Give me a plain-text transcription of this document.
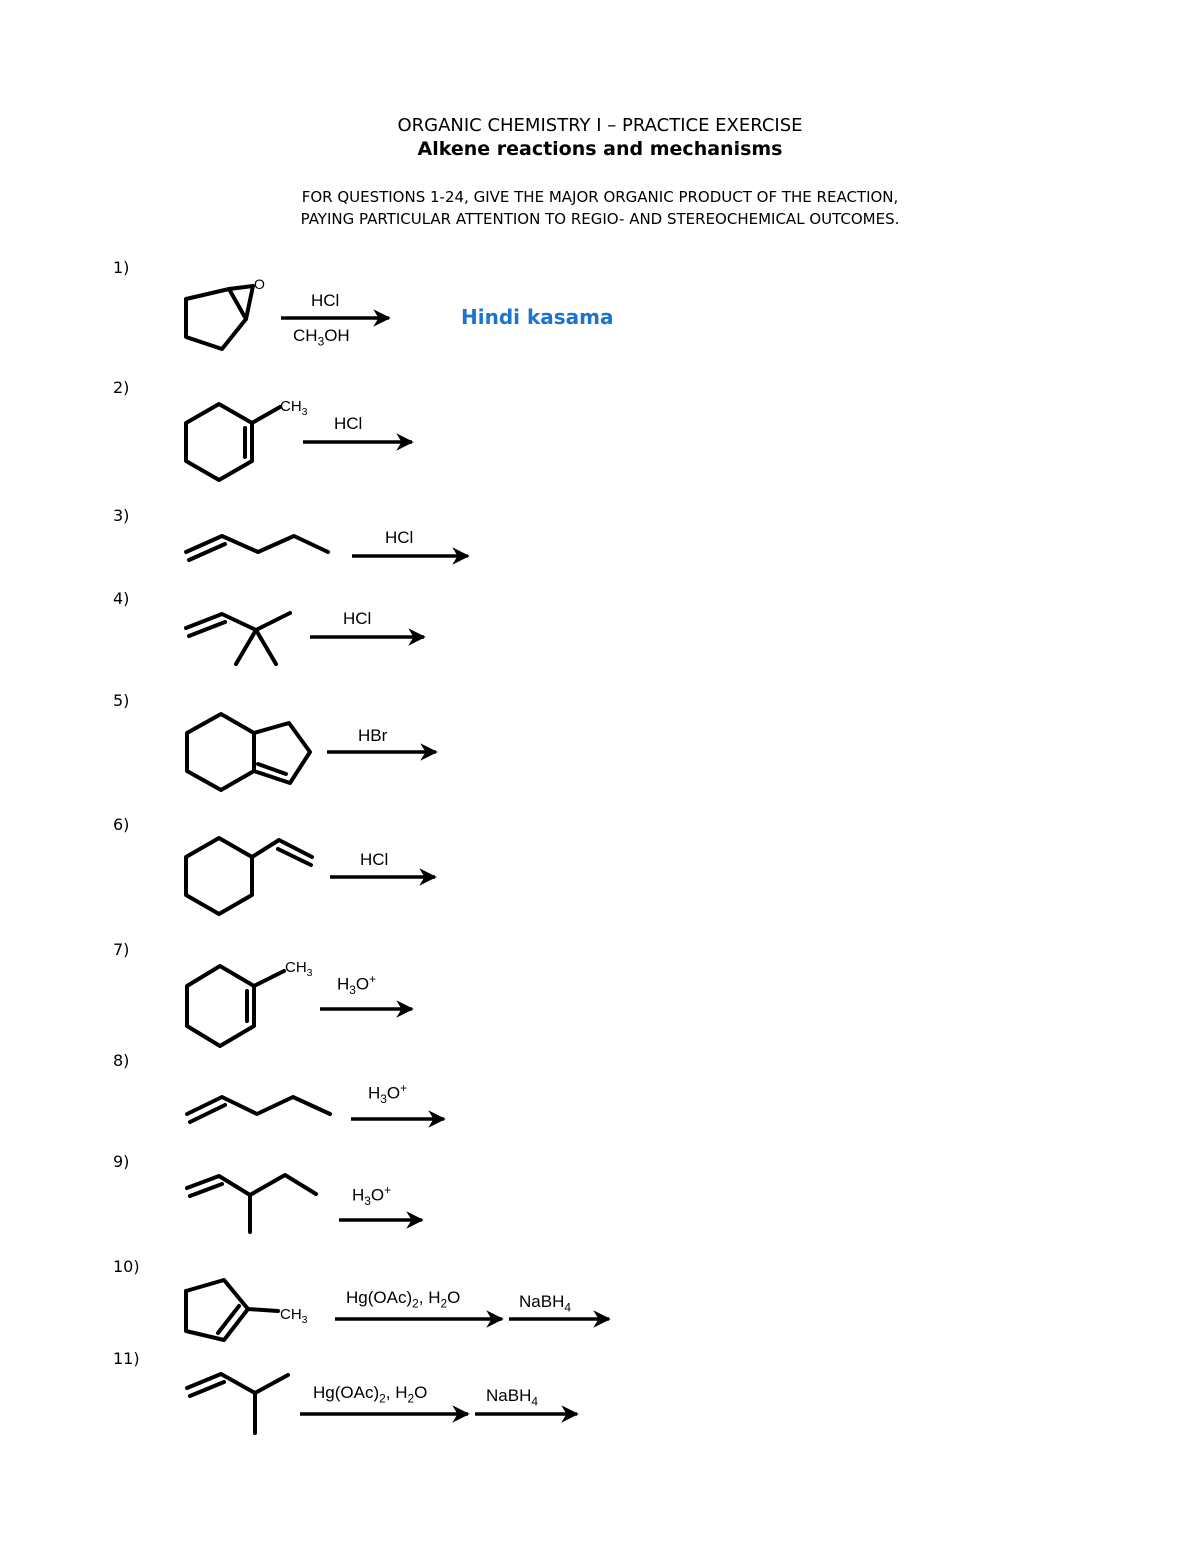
ORGANIC CHEMISTRY I – PRACTICE EXERCISE
Alkene reactions and mechanisms
FOR QUESTIONS 1-24, GIVE THE MAJOR ORGANIC PRODUCT OF THE REACTION,
PAYING PARTICULAR ATTENTION TO REGIO- AND STEREOCHEMICAL OUTCOMES.
1)
2)
3)
4)
5)
6)
7)
8)
9)
10)
11)
O
HCl
$CH_3OH$
Hindi kasama
$CH_3$
HCl
HCl
HCl
HBr
HCl
$CH_3$
$H_3O^+$
$H_3O^+$
$H_3O^+$
$CH_3$
$Hg(OAc)_2$, $H_2O$	NaBH$_4$
$Hg(OAc)_2$, $H_2O$	NaBH$_4$
